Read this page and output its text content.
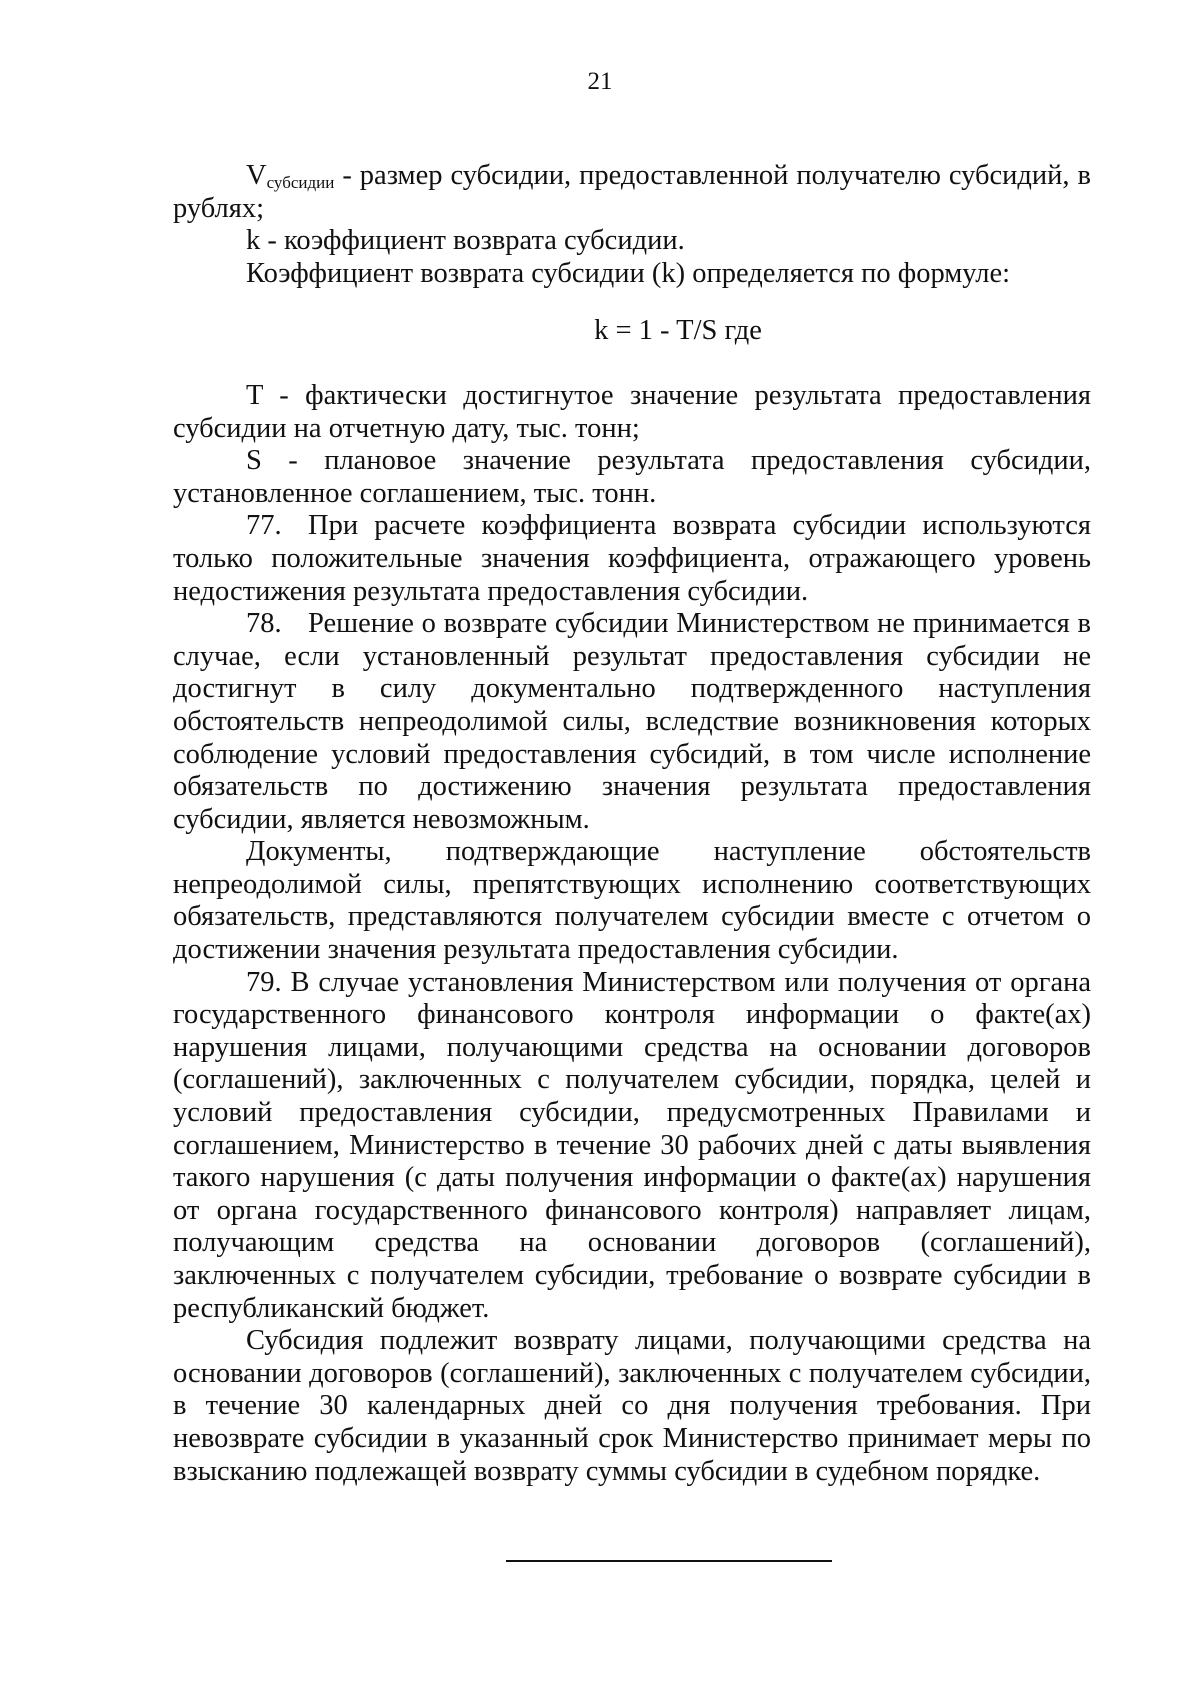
21

$V_{субсидии}$ - размер субсидии, предоставленной получателю субсидий, в рублях;

k - коэффициент возврата субсидии.

Коэффициент возврата субсидии (k) определяется по формуле:

k = 1 - T/S где

T - фактически достигнутое значение результата предоставления субсидии на отчетную дату, тыс. тонн;

S - плановое значение результата предоставления субсидии, установленное соглашением, тыс. тонн.

77. При расчете коэффициента возврата субсидии используются только положительные значения коэффициента, отражающего уровень недостижения результата предоставления субсидии.

78. Решение о возврате субсидии Министерством не принимается в случае, если установленный результат предоставления субсидии не достигнут в силу документально подтвержденного наступления обстоятельств непреодолимой силы, вследствие возникновения которых соблюдение условий предоставления субсидий, в том числе исполнение обязательств по достижению значения результата предоставления субсидии, является невозможным.

Документы, подтверждающие наступление обстоятельств непреодолимой силы, препятствующих исполнению соответствующих обязательств, представляются получателем субсидии вместе с отчетом о достижении значения результата предоставления субсидии.

79. В случае установления Министерством или получения от органа государственного финансового контроля информации о факте(ах) нарушения лицами, получающими средства на основании договоров (соглашений), заключенных с получателем субсидии, порядка, целей и условий предоставления субсидии, предусмотренных Правилами и соглашением, Министерство в течение 30 рабочих дней с даты выявления такого нарушения (с даты получения информации о факте(ах) нарушения от органа государственного финансового контроля) направляет лицам, получающим средства на основании договоров (соглашений), заключенных с получателем субсидии, требование о возврате субсидии в республиканский бюджет.

Субсидия подлежит возврату лицами, получающими средства на основании договоров (соглашений), заключенных с получателем субсидии, в течение 30 календарных дней со дня получения требования. При невозврате субсидии в указанный срок Министерство принимает меры по взысканию подлежащей возврату суммы субсидии в судебном порядке.
